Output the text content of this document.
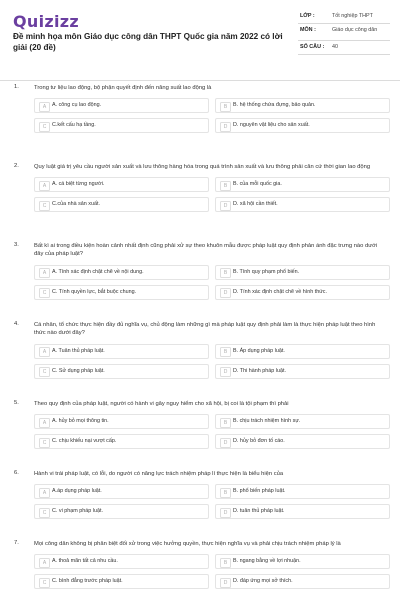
Quizizz
Đề minh họa môn Giáo dục công dân THPT Quốc gia năm 2022 có lời giải (20 đề)
LỚP :	Tốt nghiệp THPT
MÔN :	Giáo dục công dân
SỐ CÂU :	40
1.	Trong tư liệu lao động, bộ phận quyết định đến năng suất lao động là
A	A. công cụ lao động.	B	B. hệ thống chứa đựng, bảo quản.
C	C.kết cấu hạ tầng.	D	D. nguyên vật liệu cho sản xuất.
2.	Quy luật giá trị yêu cầu người sản xuất và lưu thông hàng hóa trong quá trình sản xuất và lưu thông phải căn cứ thời gian lao động
A	A. cá biệt từng người.	B	B. của mỗi quốc gia.
C	C.của nhà sản xuất.	D	D. xã hội cần thiết.
3.	Bất kì ai trong điều kiện hoàn cảnh nhất định cũng phải xử sự theo khuôn mẫu được pháp luật quy định phản ánh đặc trưng nào dưới đây của pháp luật?
A	A. Tính xác định chặt chẽ về nội dung.	B	B. Tính quy phạm phổ biến.
C	C. Tính quyền lực, bắt buộc chung.	D	D. Tính xác định chặt chẽ về hình thức.
4.	Cá nhân, tổ chức thực hiện đầy đủ nghĩa vụ, chủ động làm những gì mà pháp luật quy định phải làm là thực hiện pháp luật theo hình thức nào dưới đây?
A	A. Tuân thủ pháp luật.	B	B. Áp dụng pháp luật.
C	C. Sử dụng pháp luật.	D	D. Thi hành pháp luật.
5.	Theo quy định của pháp luật, người có hành vi gây nguy hiểm cho xã hội, bị coi là tội phạm thì phải
A	A. hủy bỏ mọi thông tin.	B	B. chịu trách nhiệm hình sự.
C	C. chịu khiếu nại vượt cấp.	D	D. hủy bỏ đơn tố cáo.
6.	Hành vi trái pháp luật, có lỗi, do người có năng lực trách nhiệm pháp lí thực hiện là biểu hiện của
A	A.áp dụng pháp luật.	B	B. phổ biến pháp luật.
C	C. vi phạm pháp luật.	D	D. tuân thủ pháp luật.
7.	Mọi công dân không bị phân biệt đối xử trong việc hưởng quyền, thực hiện nghĩa vụ và phải chịu trách nhiệm pháp lý là
A	A. thoả mãn tất cả nhu cầu.	B	B. ngang bằng về lợi nhuận.
C	C. bình đẳng trước pháp luật.	D	D. đáp ứng mọi sở thích.
